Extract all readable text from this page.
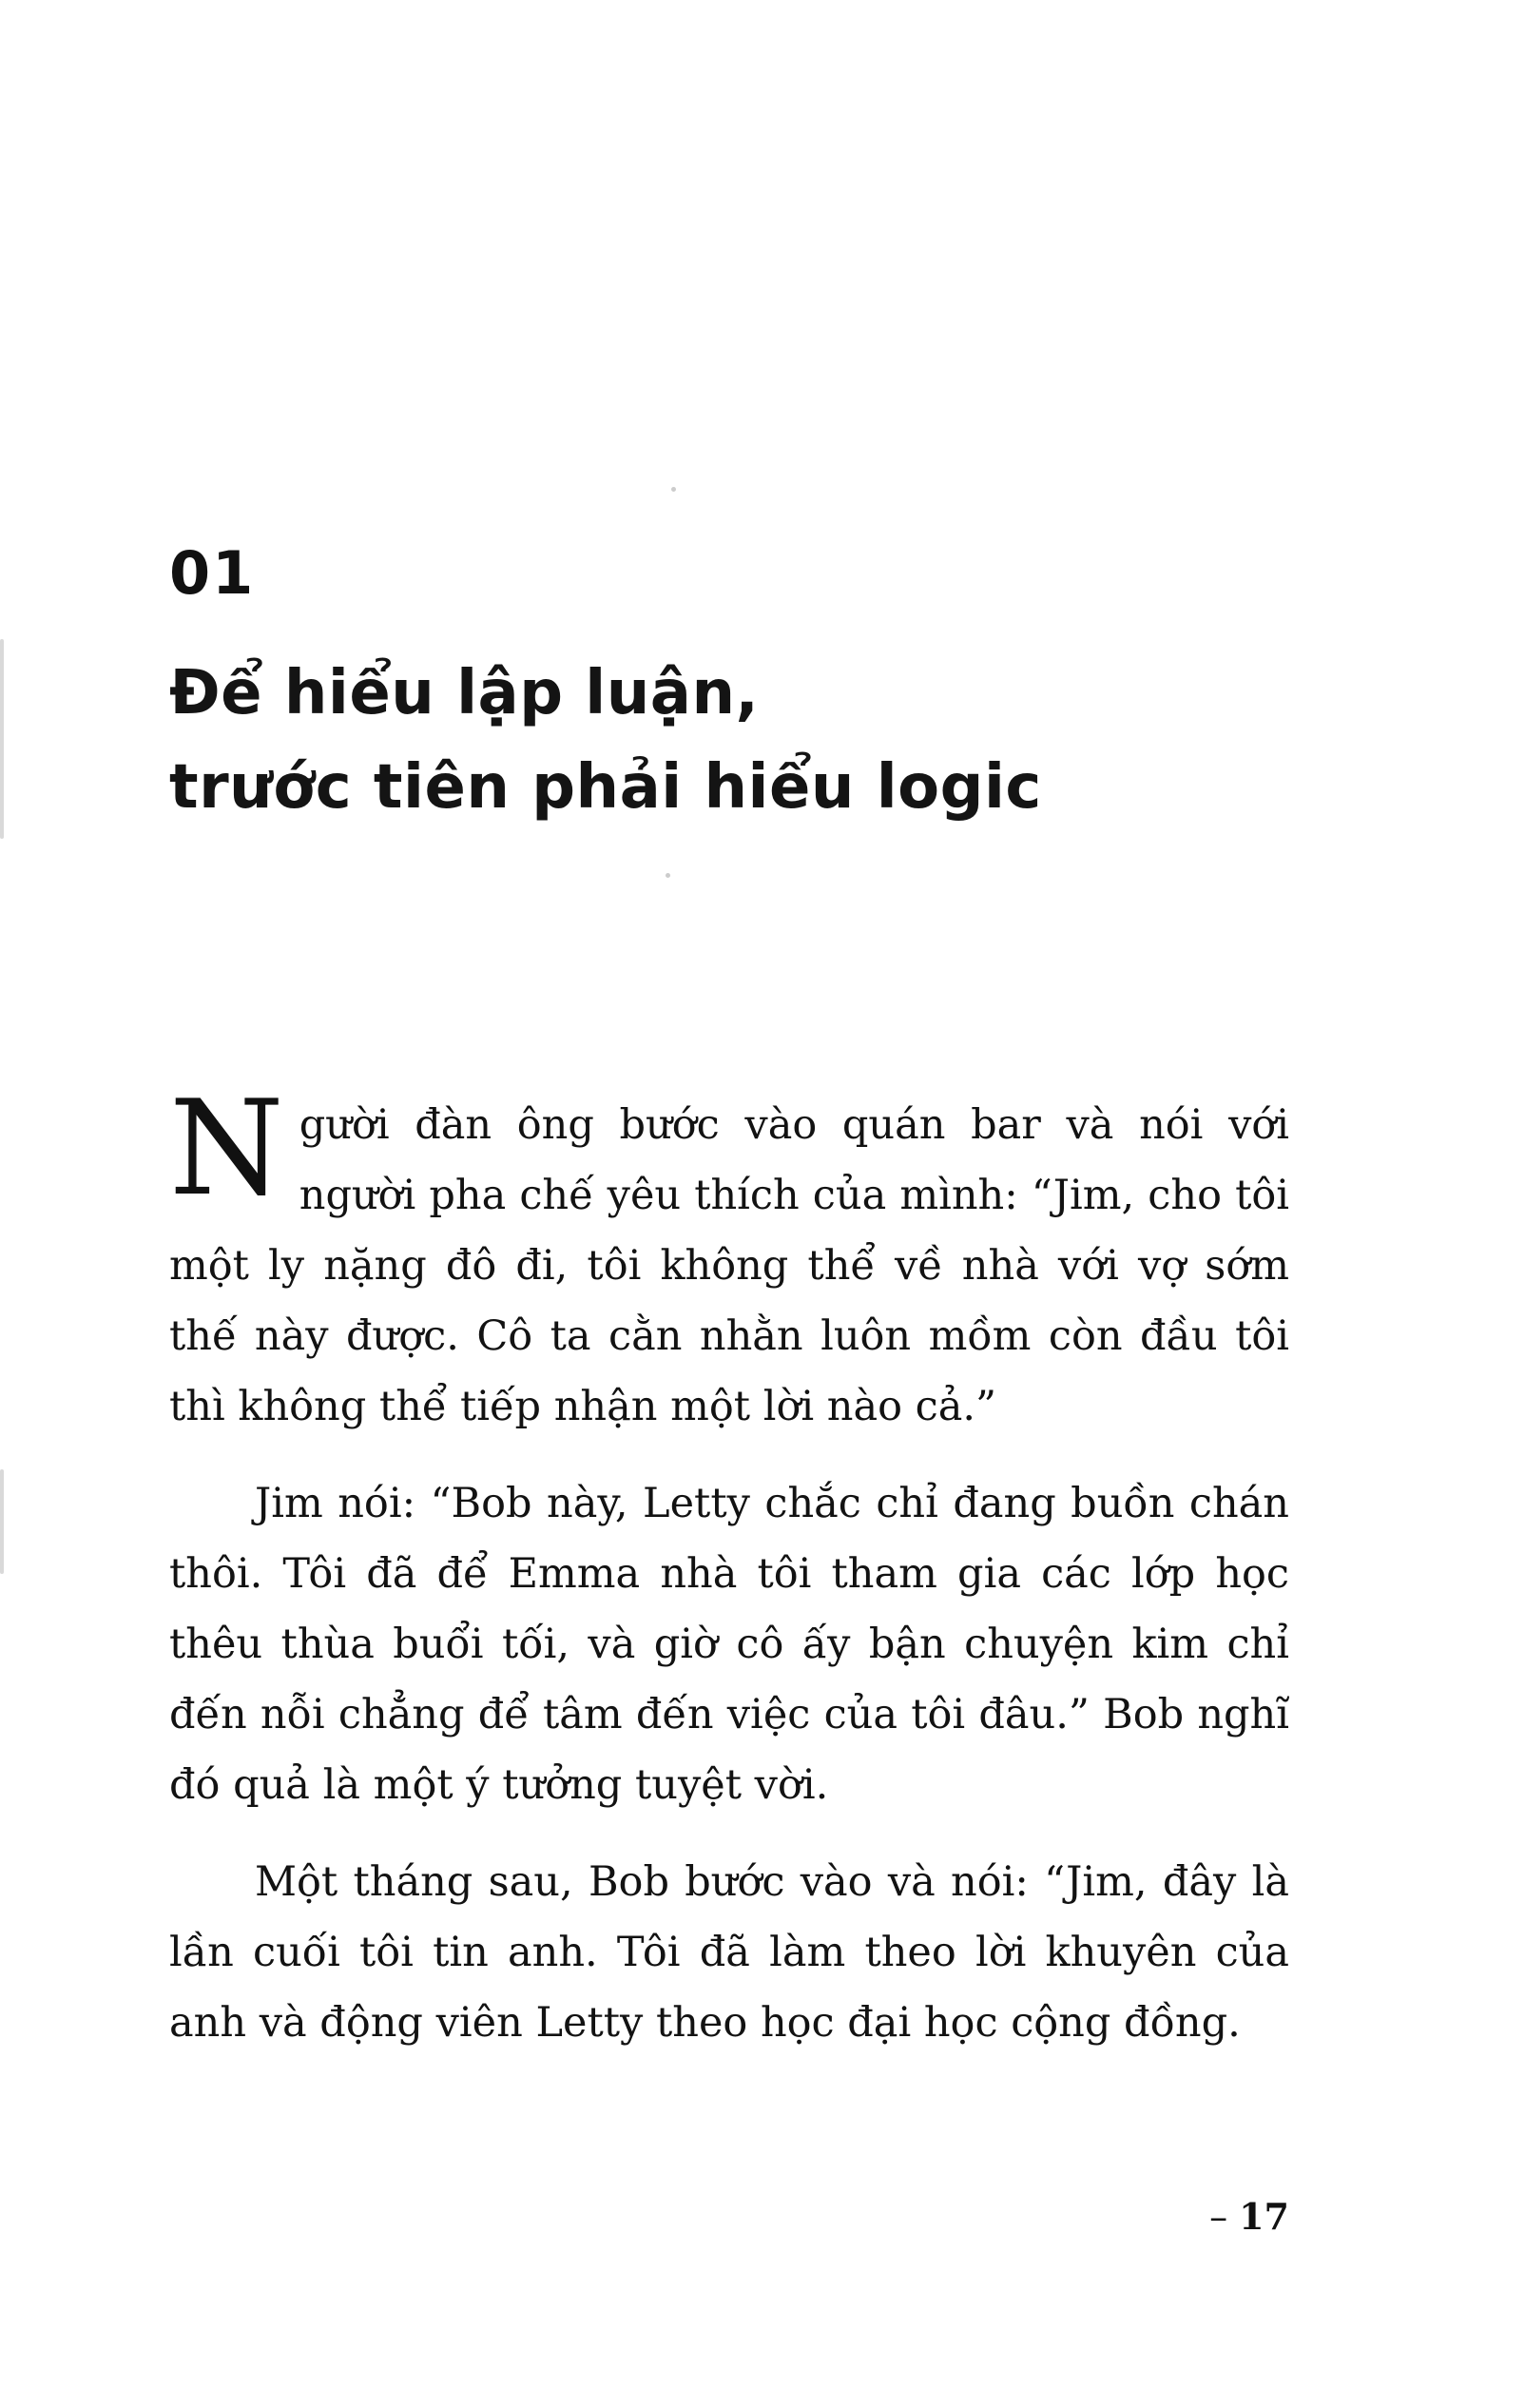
01
Để hiểu lập luận,
trước tiên phải hiểu logic

Người đàn ông bước vào quán bar và nói với người pha chế yêu thích của mình: “Jim, cho tôi một ly nặng đô đi, tôi không thể về nhà với vợ sớm thế này được. Cô ta cằn nhằn luôn mồm còn đầu tôi thì không thể tiếp nhận một lời nào cả.”

Jim nói: “Bob này, Letty chắc chỉ đang buồn chán thôi. Tôi đã để Emma nhà tôi tham gia các lớp học thêu thùa buổi tối, và giờ cô ấy bận chuyện kim chỉ đến nỗi chẳng để tâm đến việc của tôi đâu.” Bob nghĩ đó quả là một ý tưởng tuyệt vời.

Một tháng sau, Bob bước vào và nói: “Jim, đây là lần cuối tôi tin anh. Tôi đã làm theo lời khuyên của anh và động viên Letty theo học đại học cộng đồng.

– 17
